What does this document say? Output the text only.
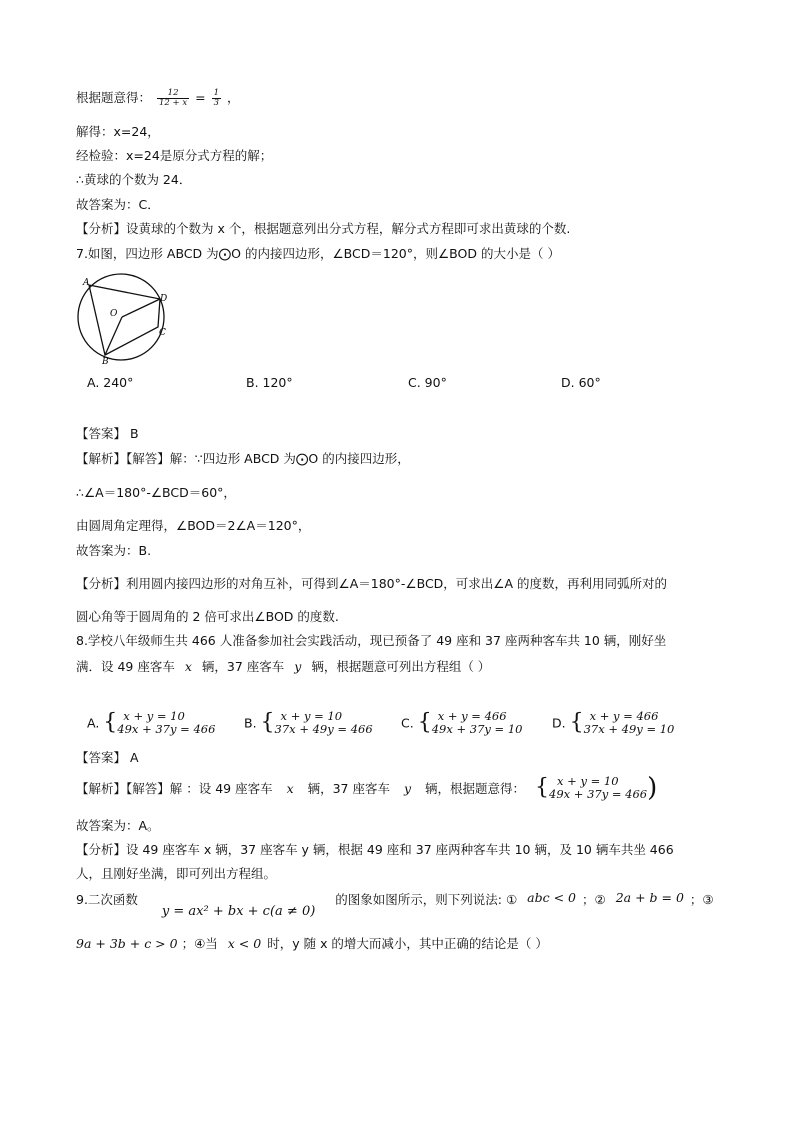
根据题意得： $\frac{12}{12 + x} = \frac{1}{3}$ ，
解得：x=24，
经检验：x=24是原分式方程的解；
∴黄球的个数为 24．
故答案为：C．
【分析】设黄球的个数为 x 个，根据题意列出分式方程，解分式方程即可求出黄球的个数.
7.如图，四边形 ABCD 为⨀O 的内接四边形，∠BCD＝120°，则∠BOD 的大小是（ ）
A
D
C
B
O
A. 240°	B. 120°	C. 90°	D. 60°
【答案】 B
【解析】【解答】解：∵四边形 ABCD 为⨀O 的内接四边形，
∴∠A＝180°-∠BCD＝60°，
由圆周角定理得，∠BOD＝2∠A＝120°，
故答案为：B.
【分析】利用圆内接四边形的对角互补，可得到∠A＝180°-∠BCD，可求出∠A 的度数，再利用同弧所对的
圆心角等于圆周角的 2 倍可求出∠BOD 的度数.
8.学校八年级师生共 466 人准备参加社会实践活动，现已预备了 49 座和 37 座两种客车共 10 辆，刚好坐
满．设 49 座客车 x 辆，37 座客车 y 辆，根据题意可列出方程组（ ）
A. { x + y = 10
49x + 37y = 466 B. { x + y = 10
37x + 49y = 466 C. { x + y = 466
49x + 37y = 10 D. { x + y = 466
37x + 49y = 10
【答案】 A
【解析】【解答】解 ：设 49 座客车 x 辆，37 座客车 y 辆，根据题意得： { x + y = 10
49x + 37y = 466 )
故答案为：A。
【分析】设 49 座客车 x 辆，37 座客车 y 辆，根据 49 座和 37 座两种客车共 10 辆，及 10 辆车共坐 466
人，且刚好坐满，即可列出方程组。
9.二次函数 y = ax² + bx + c(a ≠ 0) 的图象如图所示，则下列说法: ① abc < 0 ；② 2a + b = 0 ；③
9a + 3b + c > 0 ；④当 x < 0 时，y 随 x 的增大而减小，其中正确的结论是（ ）
